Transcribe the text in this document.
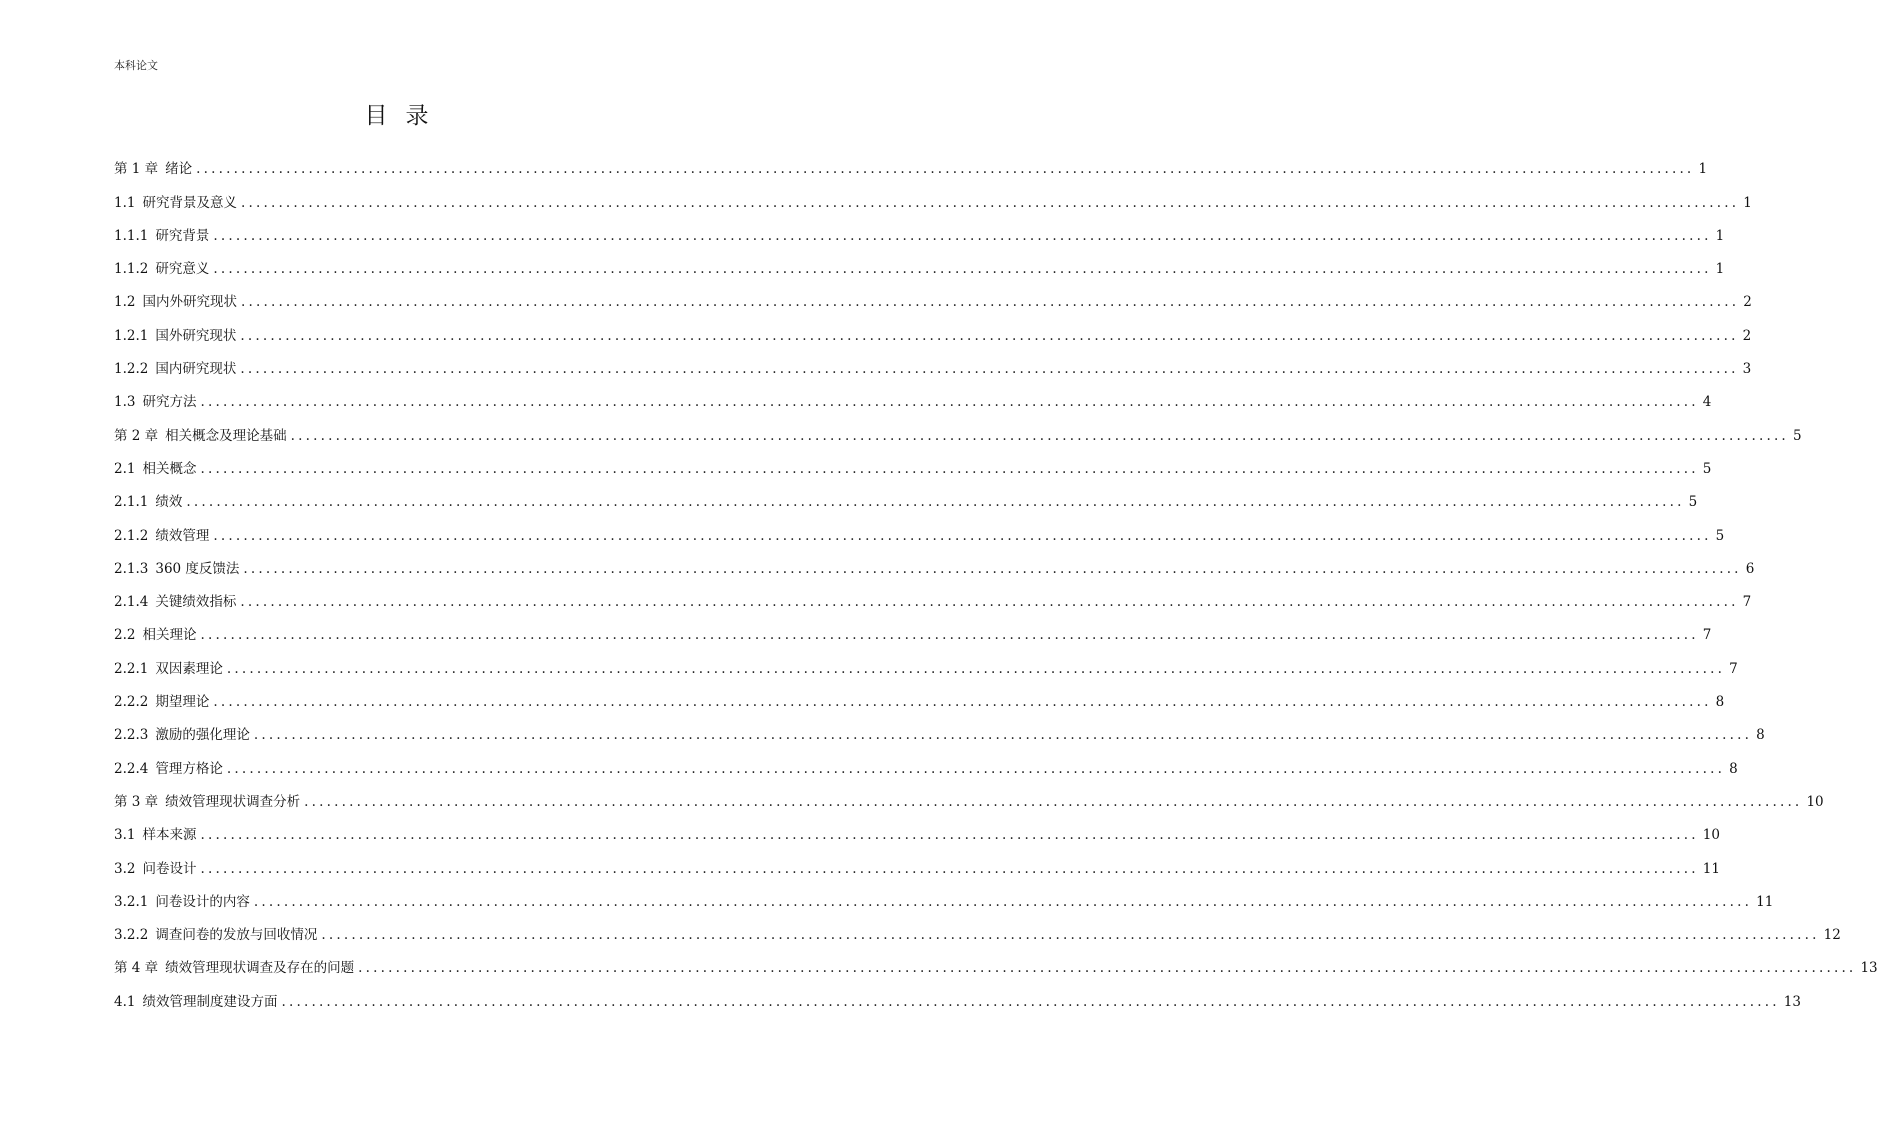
本科论文
目录
第 1 章 绪论 ........................................................................................................................................................................................................ 1
1.1 研究背景及意义 ........................................................................................................................................................................................................ 1
1.1.1 研究背景 ........................................................................................................................................................................................................ 1
1.1.2 研究意义 ........................................................................................................................................................................................................ 1
1.2 国内外研究现状 ........................................................................................................................................................................................................ 2
1.2.1 国外研究现状 ........................................................................................................................................................................................................ 2
1.2.2 国内研究现状 ........................................................................................................................................................................................................ 3
1.3 研究方法 ........................................................................................................................................................................................................ 4
第 2 章 相关概念及理论基础 ........................................................................................................................................................................................................ 5
2.1 相关概念 ........................................................................................................................................................................................................ 5
2.1.1 绩效 ........................................................................................................................................................................................................ 5
2.1.2 绩效管理 ........................................................................................................................................................................................................ 5
2.1.3 360 度反馈法 ........................................................................................................................................................................................................ 6
2.1.4 关键绩效指标 ........................................................................................................................................................................................................ 7
2.2 相关理论 ........................................................................................................................................................................................................ 7
2.2.1 双因素理论 ........................................................................................................................................................................................................ 7
2.2.2 期望理论 ........................................................................................................................................................................................................ 8
2.2.3 激励的强化理论 ........................................................................................................................................................................................................ 8
2.2.4 管理方格论 ........................................................................................................................................................................................................ 8
第 3 章 绩效管理现状调查分析 ........................................................................................................................................................................................................ 10
3.1 样本来源 ........................................................................................................................................................................................................ 10
3.2 问卷设计 ........................................................................................................................................................................................................ 11
3.2.1 问卷设计的内容 ........................................................................................................................................................................................................ 11
3.2.2 调查问卷的发放与回收情况 ........................................................................................................................................................................................................ 12
第 4 章 绩效管理现状调查及存在的问题 ........................................................................................................................................................................................................ 13
4.1 绩效管理制度建设方面 ........................................................................................................................................................................................................ 13
